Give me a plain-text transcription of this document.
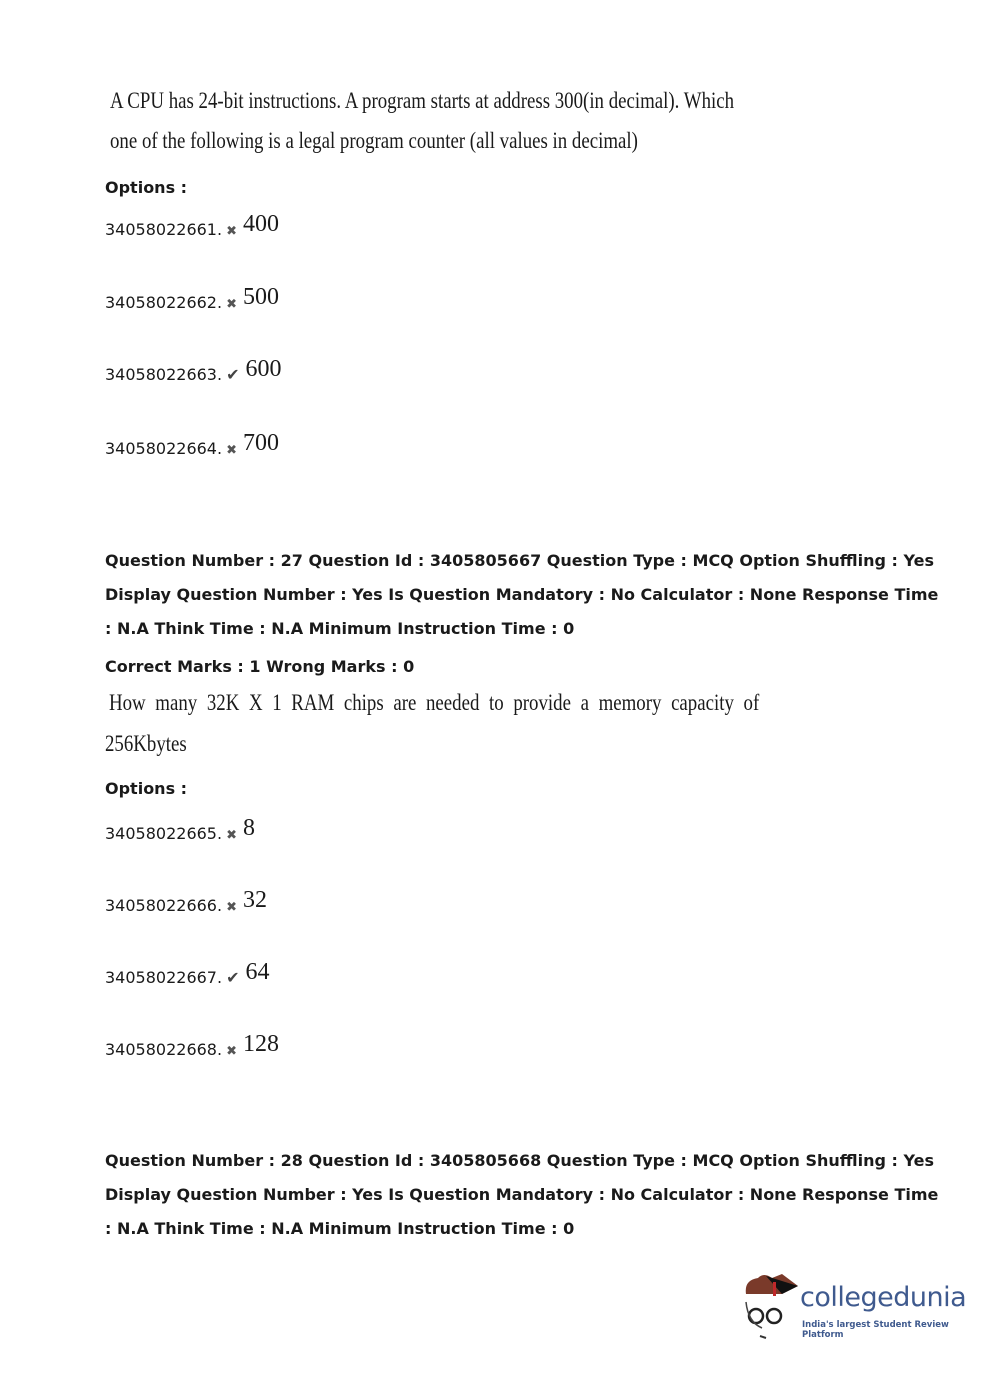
A CPU has 24-bit instructions. A program starts at address 300(in decimal). Which
one of the following is a legal program counter (all values in decimal)
Options :
34058022661. ✖ 400
34058022662. ✖ 500
34058022663. ✔ 600
34058022664. ✖ 700
Question Number : 27 Question Id : 3405805667 Question Type : MCQ Option Shuffling : Yes
Display Question Number : Yes Is Question Mandatory : No Calculator : None Response Time
: N.A Think Time : N.A Minimum Instruction Time : 0
Correct Marks : 1 Wrong Marks : 0
How many 32K X 1 RAM chips are needed to provide a memory capacity of
256Kbytes
Options :
34058022665. ✖ 8
34058022666. ✖ 32
34058022667. ✔ 64
34058022668. ✖ 128
Question Number : 28 Question Id : 3405805668 Question Type : MCQ Option Shuffling : Yes
Display Question Number : Yes Is Question Mandatory : No Calculator : None Response Time
: N.A Think Time : N.A Minimum Instruction Time : 0
collegedunia
India's largest Student Review Platform
